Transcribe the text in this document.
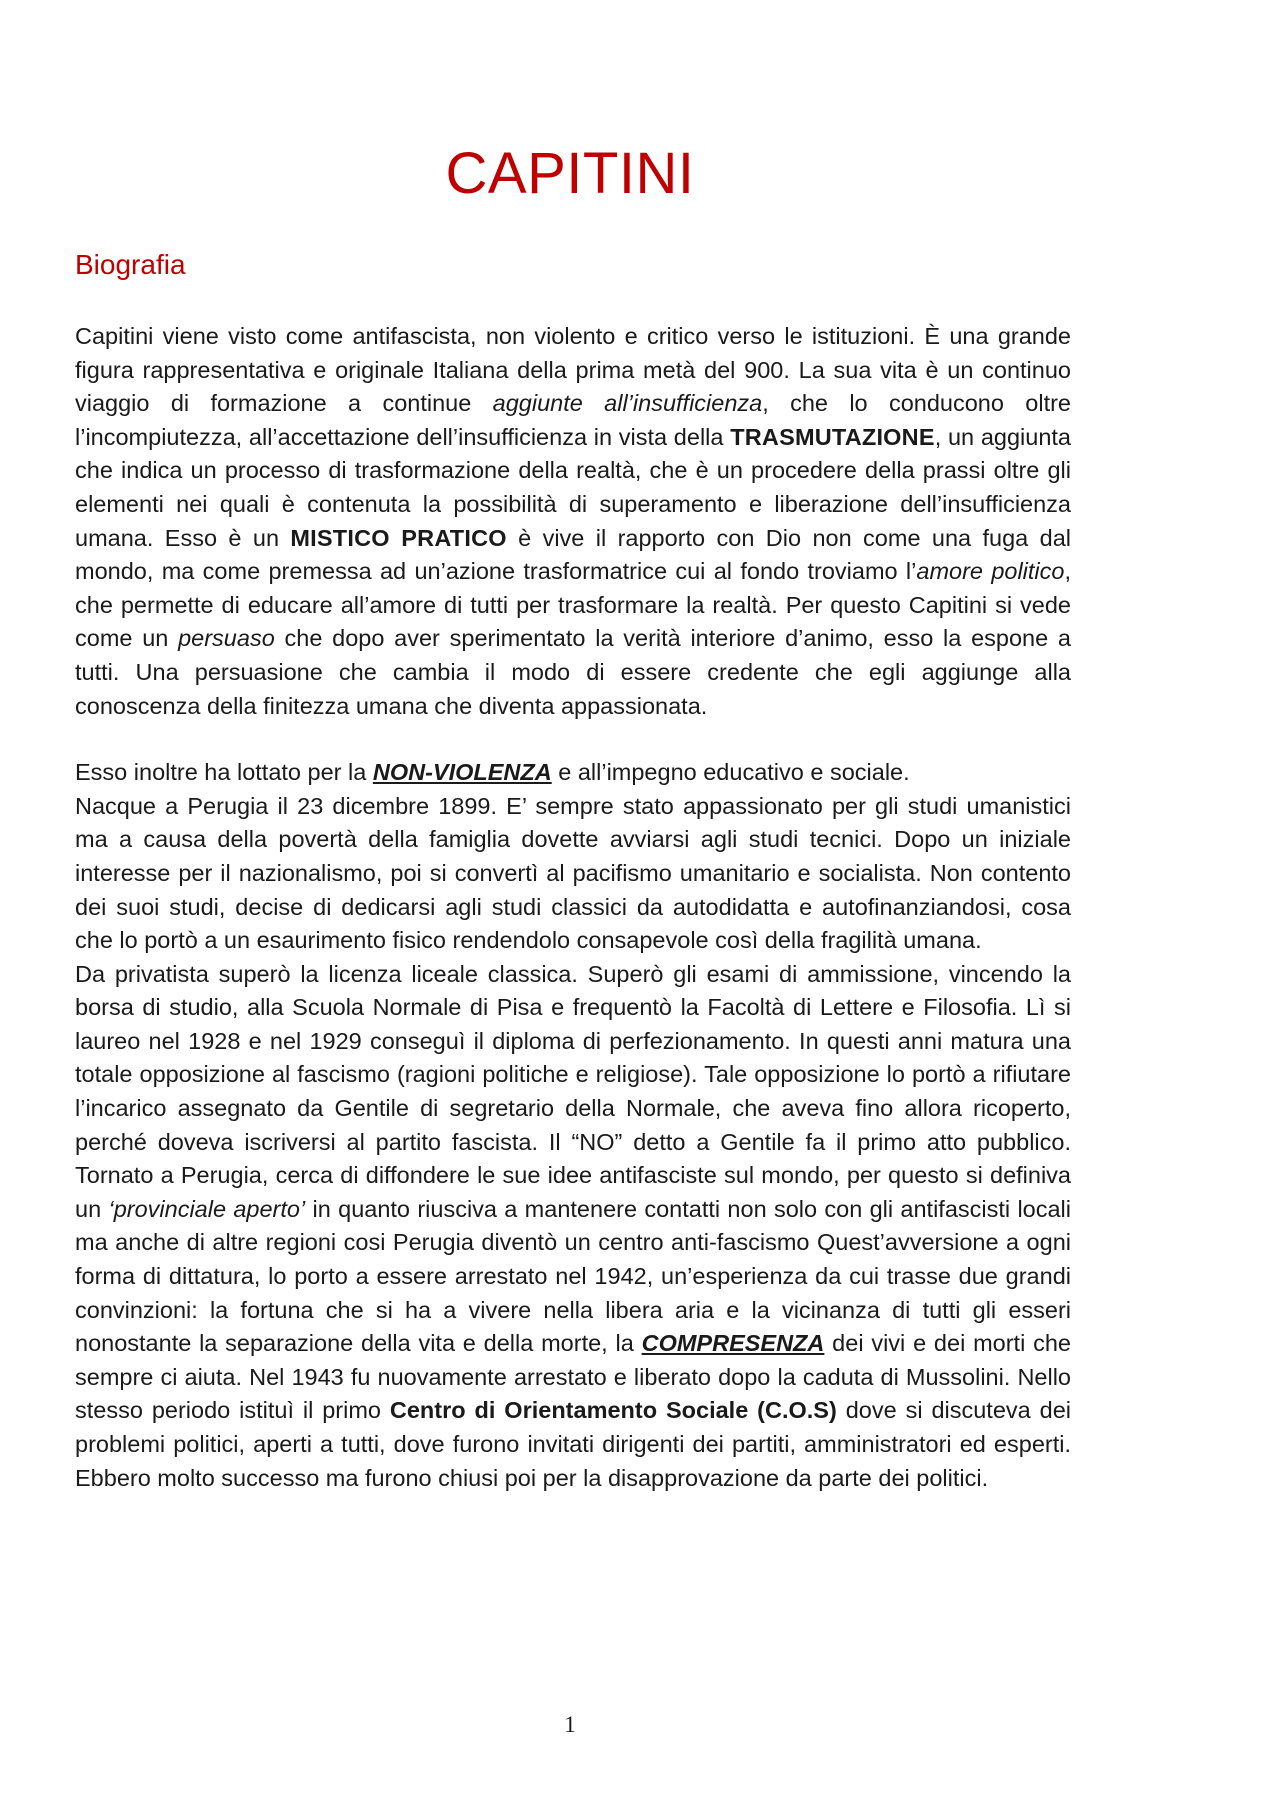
CAPITINI
Biografia

Capitini viene visto come antifascista, non violento e critico verso le istituzioni. È una grande figura rappresentativa e originale Italiana della prima metà del 900. La sua vita è un continuo viaggio di formazione a continue aggiunte all’insufficienza, che lo conducono oltre l’incompiutezza, all’accettazione dell’insufficienza in vista della TRASMUTAZIONE, un aggiunta che indica un processo di trasformazione della realtà, che è un procedere della prassi oltre gli elementi nei quali è contenuta la possibilità di superamento e liberazione dell’insufficienza umana. Esso è un MISTICO PRATICO è vive il rapporto con Dio non come una fuga dal mondo, ma come premessa ad un’azione trasformatrice cui al fondo troviamo l’amore politico, che permette di educare all’amore di tutti per trasformare la realtà. Per questo Capitini si vede come un persuaso che dopo aver sperimentato la verità interiore d’animo, esso la espone a tutti. Una persuasione che cambia il modo di essere credente che egli aggiunge alla conoscenza della finitezza umana che diventa appassionata.

Esso inoltre ha lottato per la NON-VIOLENZA e all’impegno educativo e sociale.

Nacque a Perugia il 23 dicembre 1899. E’ sempre stato appassionato per gli studi umanistici ma a causa della povertà della famiglia dovette avviarsi agli studi tecnici. Dopo un iniziale interesse per il nazionalismo, poi si convertì al pacifismo umanitario e socialista. Non contento dei suoi studi, decise di dedicarsi agli studi classici da autodidatta e autofinanziandosi, cosa che lo portò a un esaurimento fisico rendendolo consapevole così della fragilità umana.

Da privatista superò la licenza liceale classica. Superò gli esami di ammissione, vincendo la borsa di studio, alla Scuola Normale di Pisa e frequentò la Facoltà di Lettere e Filosofia. Lì si laureo nel 1928 e nel 1929 conseguì il diploma di perfezionamento. In questi anni matura una totale opposizione al fascismo (ragioni politiche e religiose). Tale opposizione lo portò a rifiutare l’incarico assegnato da Gentile di segretario della Normale, che aveva fino allora ricoperto, perché doveva iscriversi al partito fascista. Il “NO” detto a Gentile fa il primo atto pubblico. Tornato a Perugia, cerca di diffondere le sue idee antifasciste sul mondo, per questo si definiva un ‘provinciale aperto’ in quanto riusciva a mantenere contatti non solo con gli antifascisti locali ma anche di altre regioni cosi Perugia diventò un centro anti-fascismo Quest’avversione a ogni forma di dittatura, lo porto a essere arrestato nel 1942, un’esperienza da cui trasse due grandi convinzioni: la fortuna che si ha a vivere nella libera aria e la vicinanza di tutti gli esseri nonostante la separazione della vita e della morte, la COMPRESENZA dei vivi e dei morti che sempre ci aiuta. Nel 1943 fu nuovamente arrestato e liberato dopo la caduta di Mussolini. Nello stesso periodo istituì il primo Centro di Orientamento Sociale (C.O.S) dove si discuteva dei problemi politici, aperti a tutti, dove furono invitati dirigenti dei partiti, amministratori ed esperti. Ebbero molto successo ma furono chiusi poi per la disapprovazione da parte dei politici.

1
